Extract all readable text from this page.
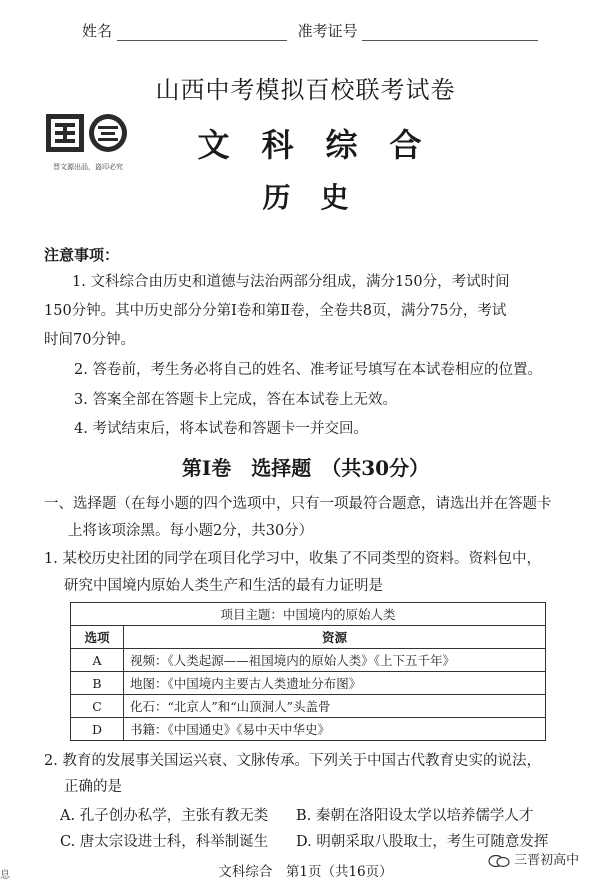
姓名	准考证号
山西中考模拟百校联考试卷
晋文源出品，盗印必究
文科综合
历史
注意事项：
1. 文科综合由历史和道德与法治两部分组成，满分150分，考试时间
150分钟。其中历史部分分第Ⅰ卷和第Ⅱ卷，全卷共8页，满分75分，考试
时间70分钟。
2. 答卷前，考生务必将自己的姓名、准考证号填写在本试卷相应的位置。
3. 答案全部在答题卡上完成，答在本试卷上无效。
4. 考试结束后，将本试卷和答题卡一并交回。
第Ⅰ卷　选择题　（共30分）
一、选择题（在每小题的四个选项中，只有一项最符合题意，请选出并在答题卡
上将该项涂黑。每小题2分，共30分）
1. 某校历史社团的同学在项目化学习中，收集了不同类型的资料。资料包中，
研究中国境内原始人类生产和生活的最有力证明是
项目主题：中国境内的原始人类	
选项	资源
A	视频：《人类起源——祖国境内的原始人类》《上下五千年》
B	地图：《中国境内主要古人类遗址分布图》
C	化石：“北京人”和“山顶洞人”头盖骨
D	书籍：《中国通史》《易中天中华史》
2. 教育的发展事关国运兴衰、文脉传承。下列关于中国古代教育史实的说法，
正确的是
A. 孔子创办私学，主张有教无类 B. 秦朝在洛阳设太学以培养儒学人才
C. 唐太宗设进士科，科举制诞生 D. 明朝采取八股取士，考生可随意发挥
文科综合　第1页（共16页）
息
三晋初高中
